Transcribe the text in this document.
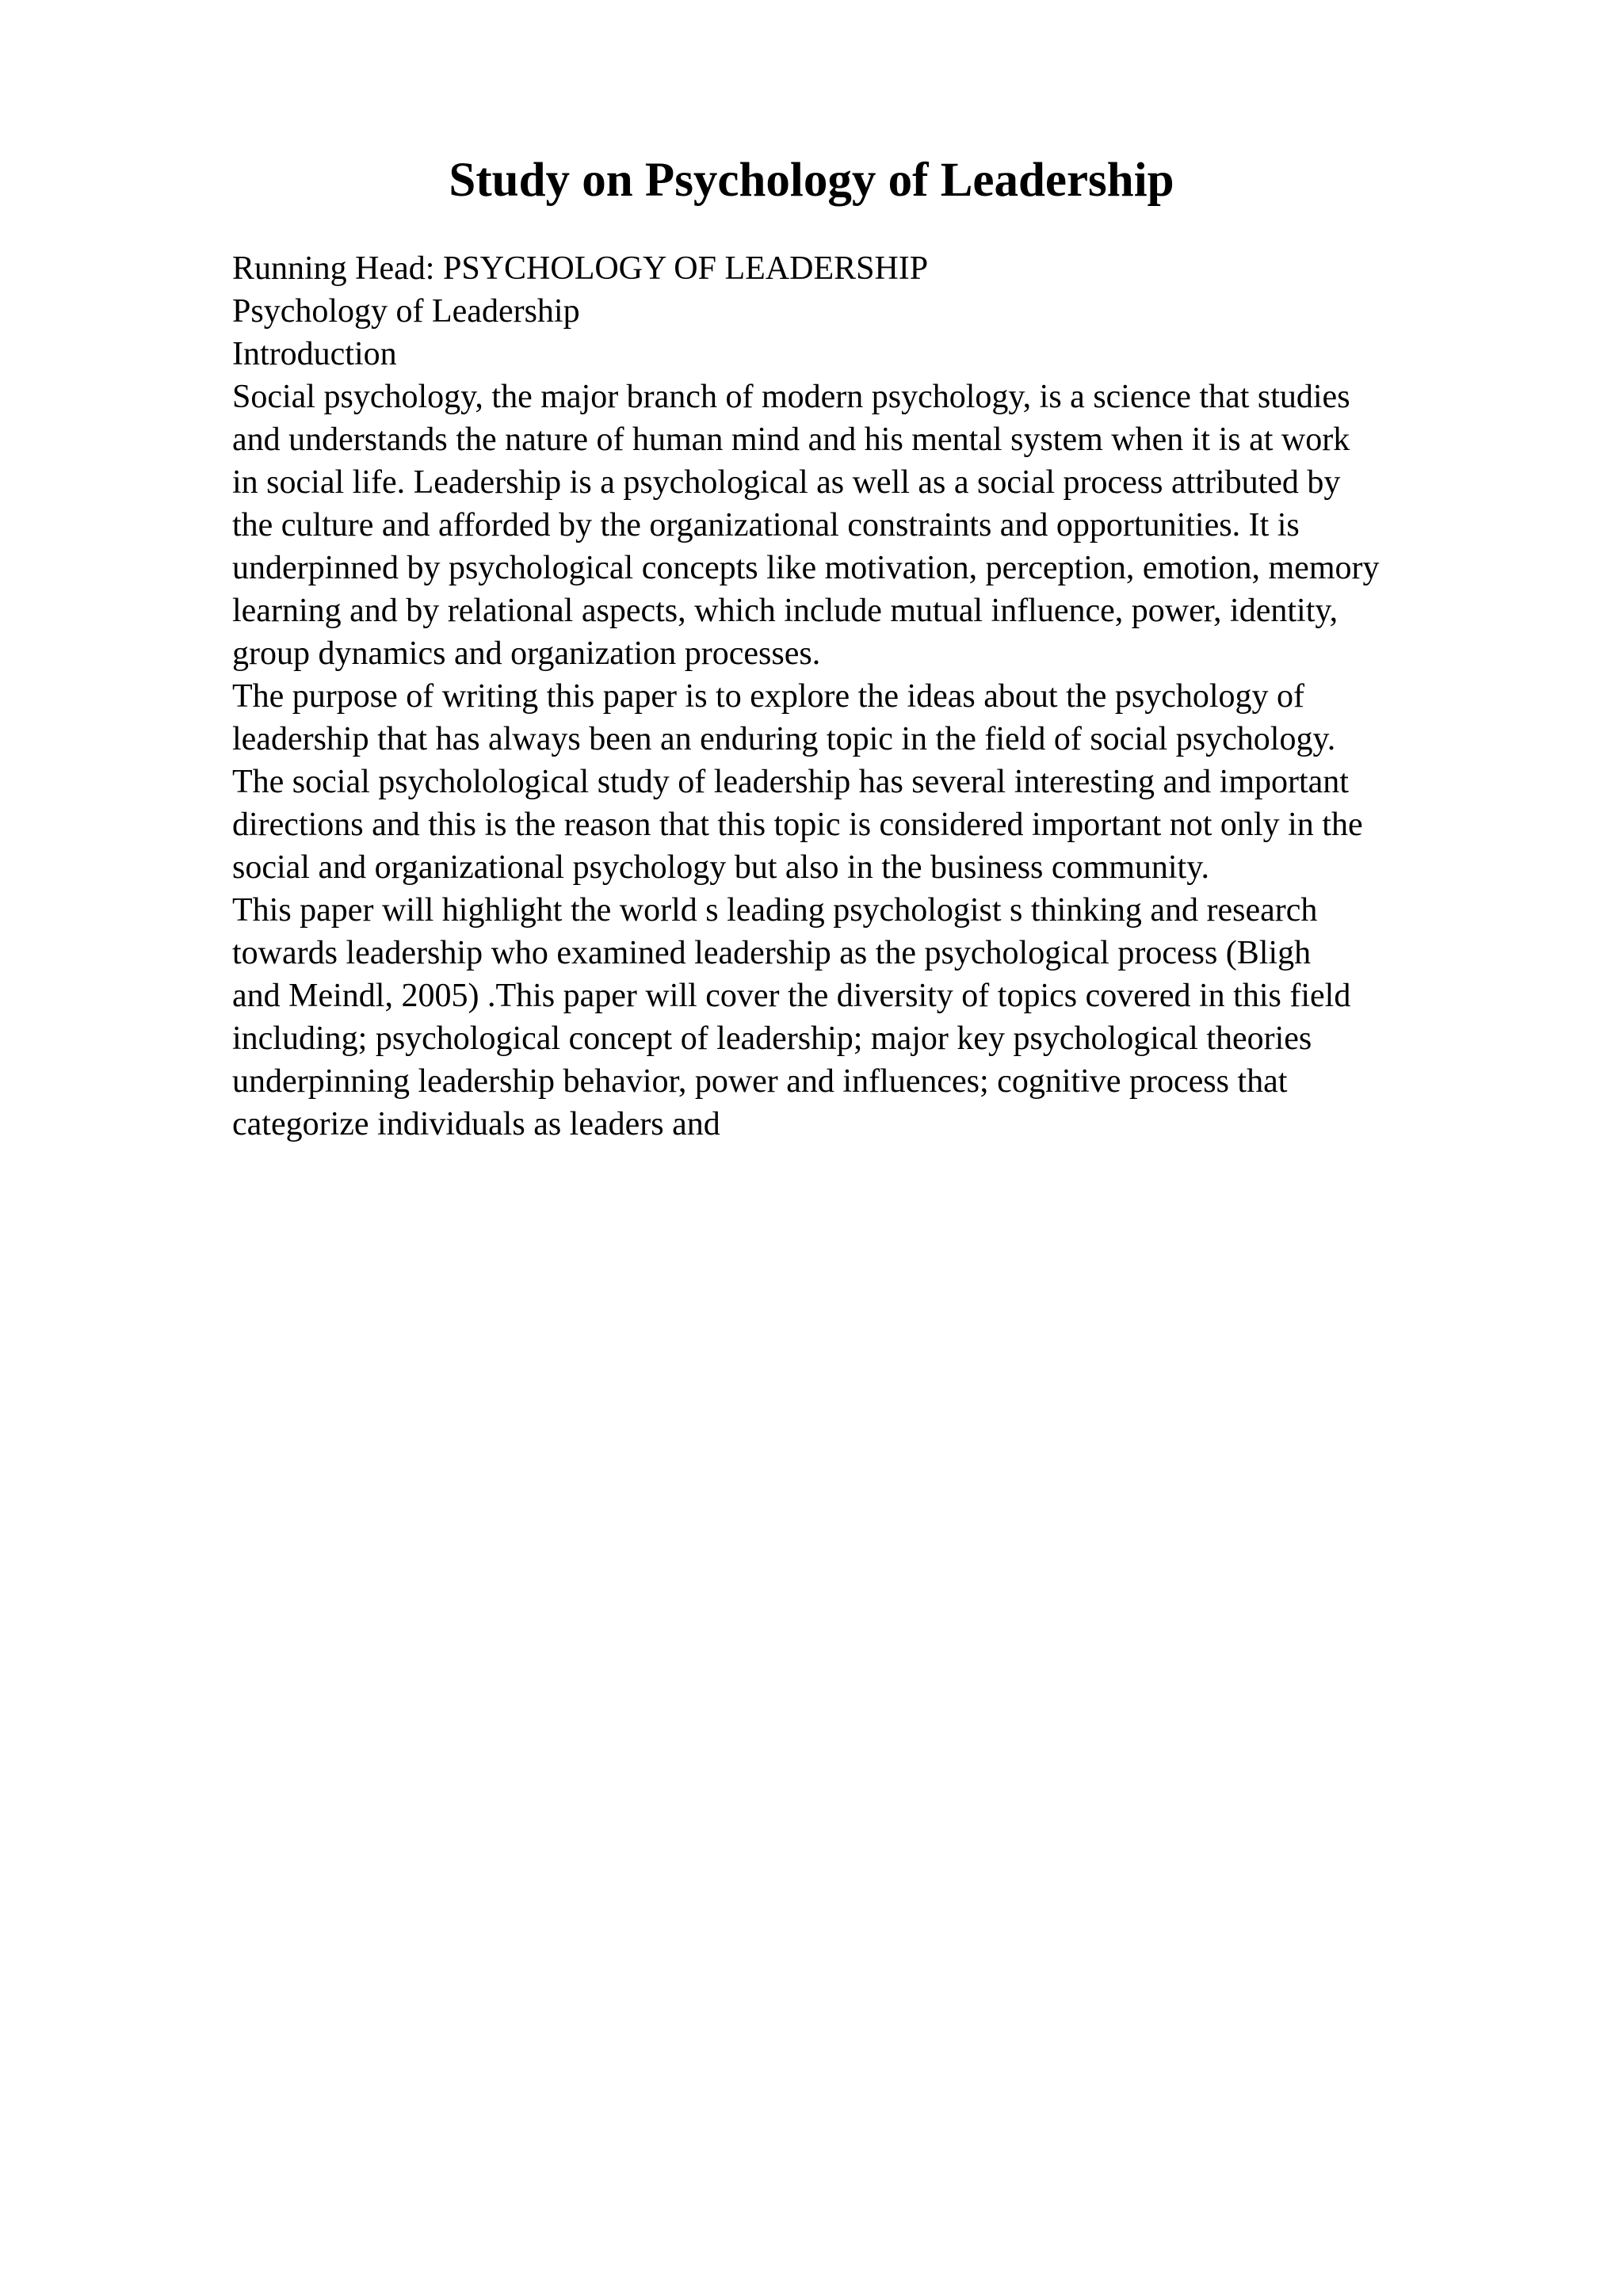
Study on Psychology of Leadership
Running Head: PSYCHOLOGY OF LEADERSHIP
Psychology of Leadership
Introduction
Social psychology, the major branch of modern psychology, is a science that studies
and understands the nature of human mind and his mental system when it is at work
in social life. Leadership is a psychological as well as a social process attributed by
the culture and afforded by the organizational constraints and opportunities. It is
underpinned by psychological concepts like motivation, perception, emotion, memory
learning and by relational aspects, which include mutual influence, power, identity,
group dynamics and organization processes.
The purpose of writing this paper is to explore the ideas about the psychology of
leadership that has always been an enduring topic in the field of social psychology.
The social psycholological study of leadership has several interesting and important
directions and this is the reason that this topic is considered important not only in the
social and organizational psychology but also in the business community.
This paper will highlight the world s leading psychologist s thinking and research
towards leadership who examined leadership as the psychological process (Bligh
and Meindl, 2005) .This paper will cover the diversity of topics covered in this field
including; psychological concept of leadership; major key psychological theories
underpinning leadership behavior, power and influences; cognitive process that
categorize individuals as leaders and
